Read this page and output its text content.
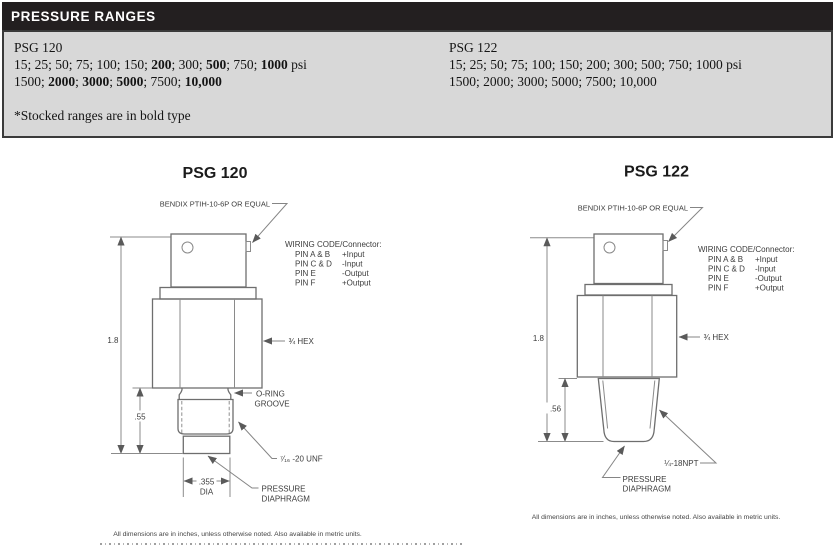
PRESSURE RANGES
PSG 120
15; 25; 50; 75; 100; 150; 200; 300; 500; 750; 1000 psi
1500; 2000; 3000; 5000; 7500; 10,000
PSG 122
15; 25; 50; 75; 100; 150; 200; 300; 500; 750; 1000 psi
1500; 2000; 3000; 5000; 7500; 10,000
*Stocked ranges are in bold type
PSG 120
BENDIX PTIH-10-6P OR EQUAL
WIRING CODE/Connector:
PIN A & B +Input
PIN C & D -Input
PIN E	-Output
PIN F	+Output
1.8
.55
.355
DIA
¾ HEX
O-RING
GROOVE
⁷⁄₁₆ -20 UNF
PRESSURE
DIAPHRAGM
All dimensions are in inches, unless otherwise noted. Also available in metric units.
PSG 122
BENDIX PTIH-10-6P OR EQUAL
WIRING CODE/Connector:
PIN A & B +Input
PIN C & D -Input
PIN E	-Output
PIN F	+Output
1.8
.56
¾ HEX
¼-18NPT
PRESSURE
DIAPHRAGM
All dimensions are in inches, unless otherwise noted. Also available in metric units.
